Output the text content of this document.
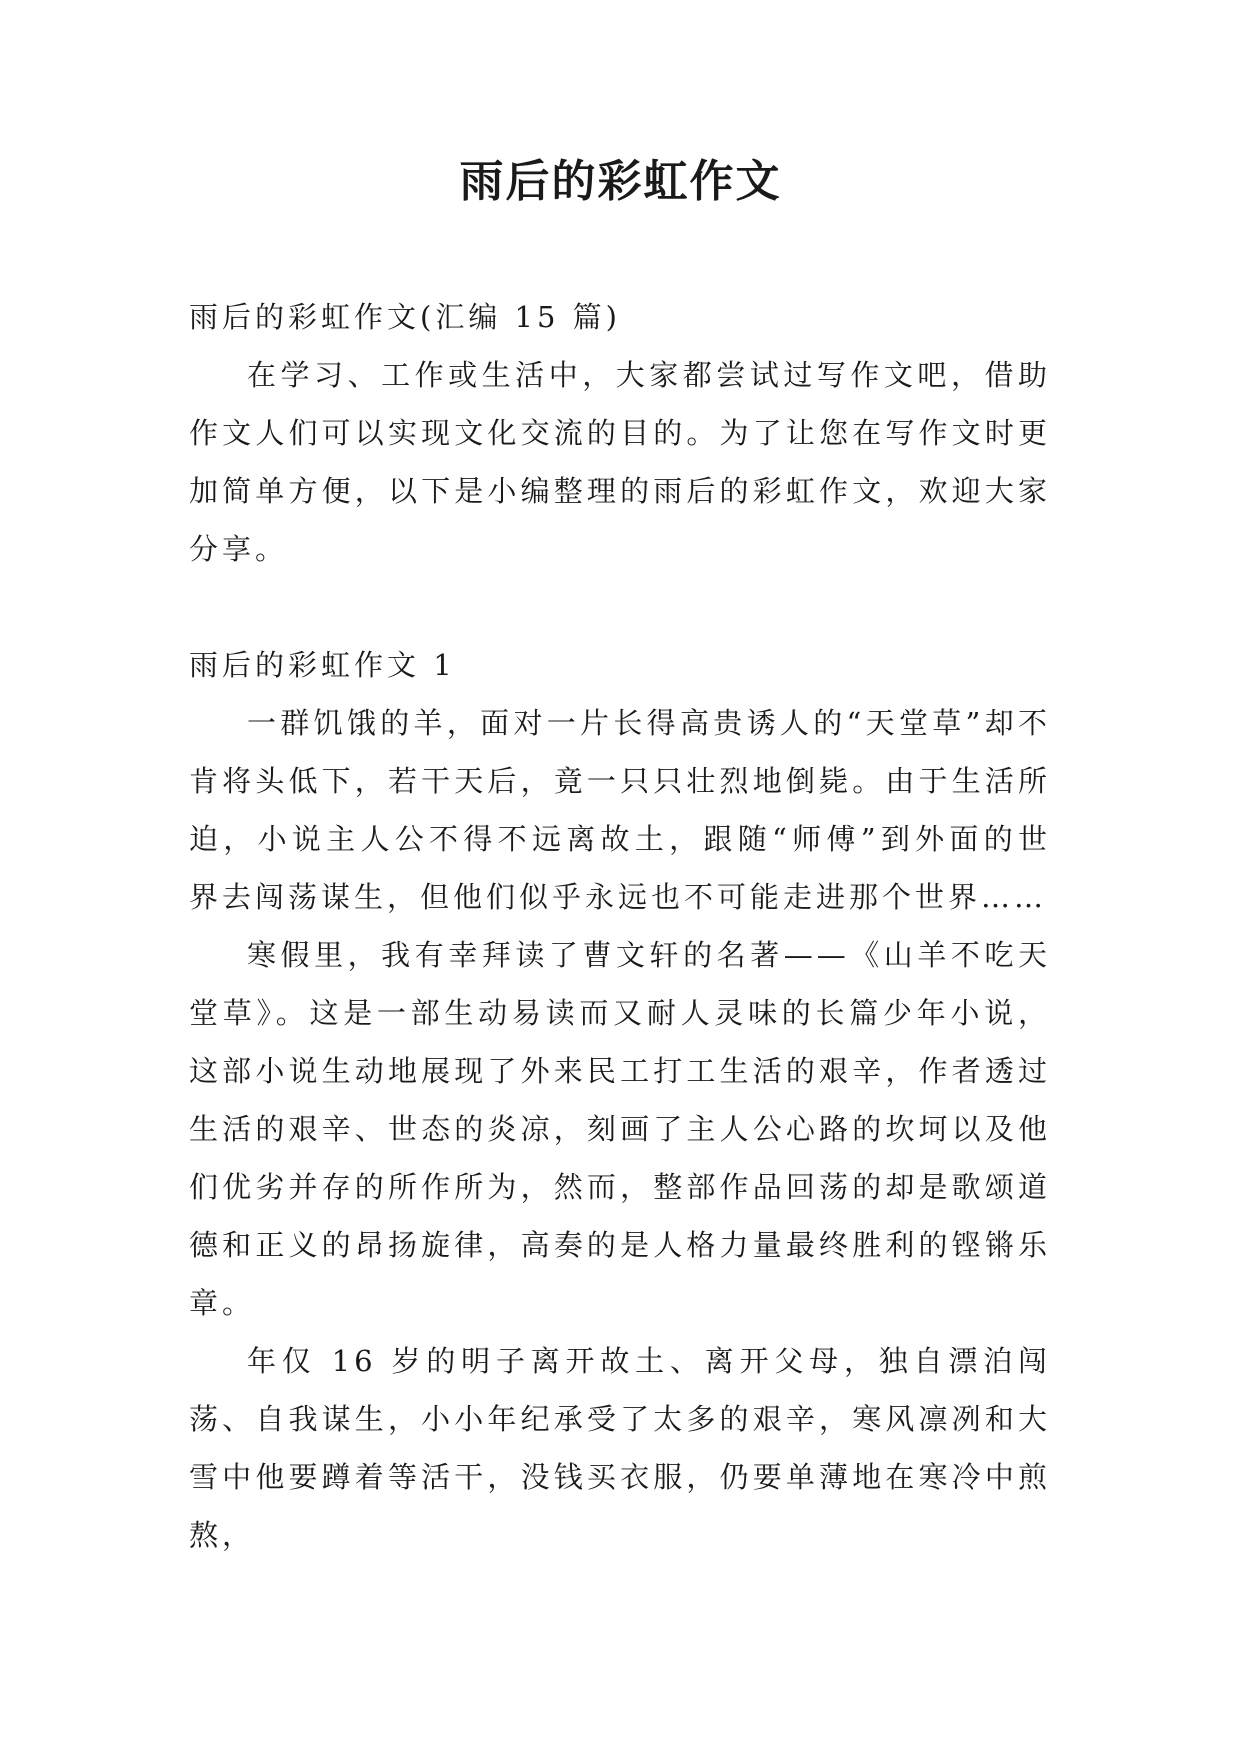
雨后的彩虹作文

雨后的彩虹作文(汇编 15 篇)

在学习、工作或生活中，大家都尝试过写作文吧，借助作文人们可以实现文化交流的目的。为了让您在写作文时更加简单方便，以下是小编整理的雨后的彩虹作文，欢迎大家分享。

雨后的彩虹作文 1

一群饥饿的羊，面对一片长得高贵诱人的“天堂草”却不肯将头低下，若干天后，竟一只只壮烈地倒毙。由于生活所迫，小说主人公不得不远离故土，跟随“师傅”到外面的世界去闯荡谋生，但他们似乎永远也不可能走进那个世界……

寒假里，我有幸拜读了曹文轩的名著——《山羊不吃天堂草》。这是一部生动易读而又耐人灵味的长篇少年小说，这部小说生动地展现了外来民工打工生活的艰辛，作者透过生活的艰辛、世态的炎凉，刻画了主人公心路的坎坷以及他们优劣并存的所作所为，然而，整部作品回荡的却是歌颂道德和正义的昂扬旋律，高奏的是人格力量最终胜利的铿锵乐章。

年仅 16 岁的明子离开故土、离开父母，独自漂泊闯荡、自我谋生，小小年纪承受了太多的艰辛，寒风凛冽和大雪中他要蹲着等活干，没钱买衣服，仍要单薄地在寒冷中煎熬，
